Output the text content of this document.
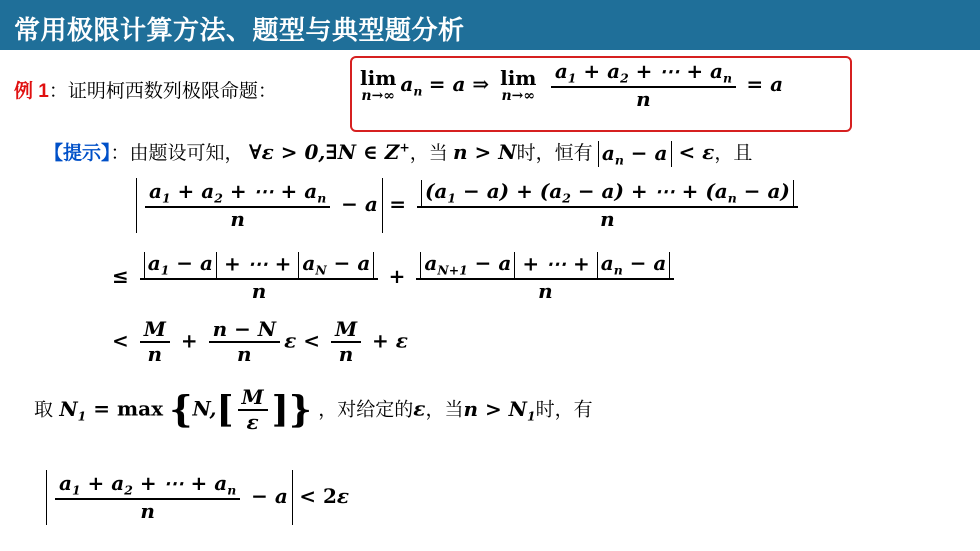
常用极限计算方法、题型与典型题分析
例 1：证明柯西数列极限命题：
lim
n→∞ $a_n = a$ ⇒ lim
n→∞
$\frac{a_1 + a_2 + \cdots + a_n}{n} = a$
【提示】：由题设可知， ∀ε > 0,∃N ∈ Z+，当 n > N时，恒有 $a_n - a < \varepsilon$，且
$\frac{a_1 + a_2 + \cdots + a_n}{n} - a = \frac{(a_1 - a) + (a_2 - a) + \cdots + (a_n - a)}{n}$
≤ $\frac{a_1 - a + \cdots + a_N - a}{n} + \frac{a_{N+1} - a + \cdots + a_n - a}{n}$
< $\frac{M}{n} + \frac{n - N}{n}$ $\varepsilon < \frac{M}{n} + \varepsilon$
取 $N_1 = \max \{N,[ \frac{M}{\varepsilon}$ ]} ，对给定的ε，当$n > N_1$时，有
$\frac{a_1 + a_2 + \cdots + a_n}{n} - a < 2\varepsilon$
